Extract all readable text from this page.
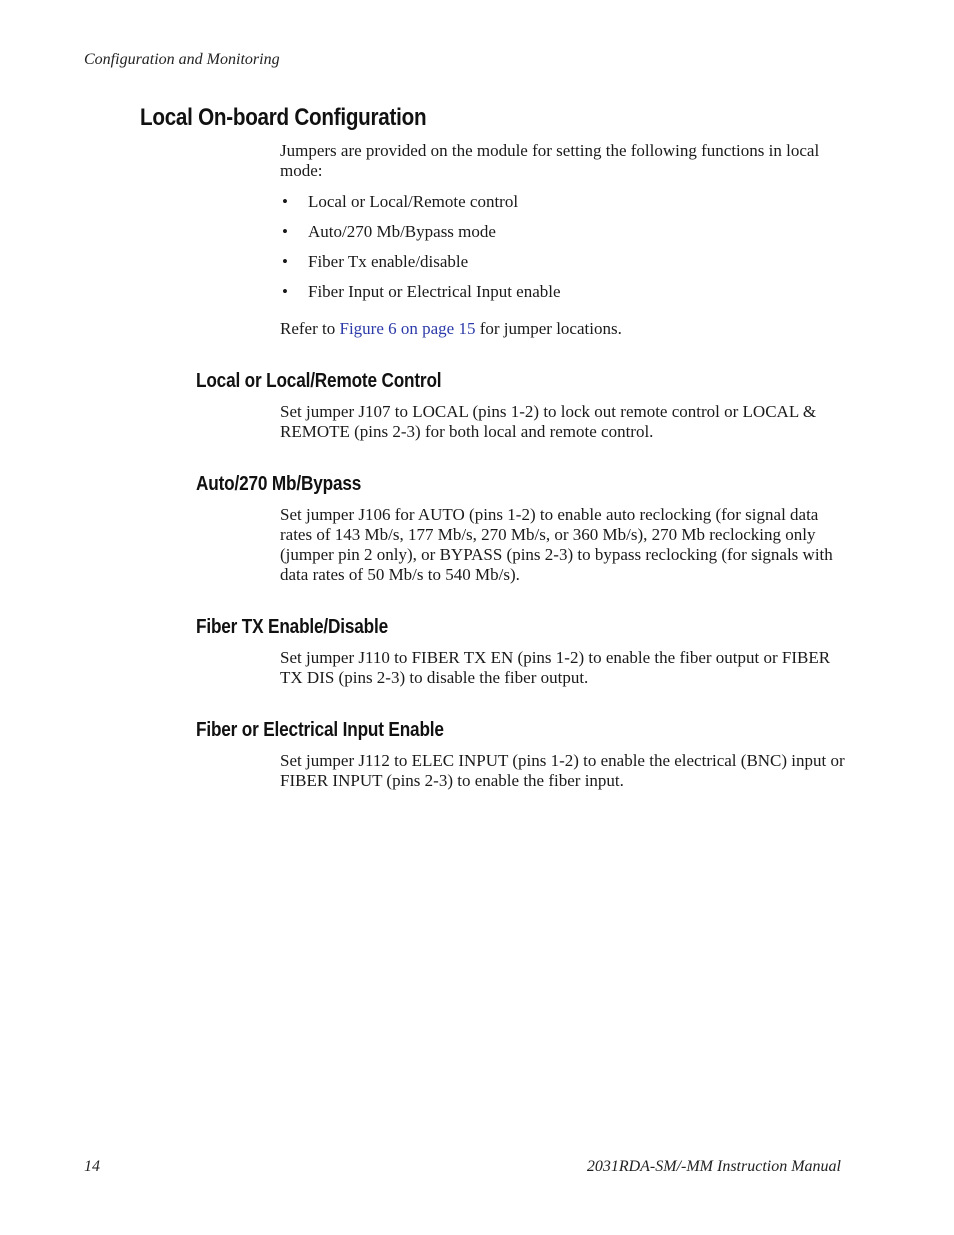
Configuration and Monitoring
Local On-board Configuration

Jumpers are provided on the module for setting the following functions in local mode:

• Local or Local/Remote control
• Auto/270 Mb/Bypass mode
• Fiber Tx enable/disable
• Fiber Input or Electrical Input enable

Refer to Figure 6 on page 15 for jumper locations.

Local or Local/Remote Control

Set jumper J107 to LOCAL (pins 1-2) to lock out remote control or LOCAL & REMOTE (pins 2-3) for both local and remote control.

Auto/270 Mb/Bypass

Set jumper J106 for AUTO (pins 1-2) to enable auto reclocking (for signal data rates of 143 Mb/s, 177 Mb/s, 270 Mb/s, or 360 Mb/s), 270 Mb reclocking only (jumper pin 2 only), or BYPASS (pins 2-3) to bypass reclocking (for signals with data rates of 50 Mb/s to 540 Mb/s).

Fiber TX Enable/Disable

Set jumper J110 to FIBER TX EN (pins 1-2) to enable the fiber output or FIBER TX DIS (pins 2-3) to disable the fiber output.

Fiber or Electrical Input Enable

Set jumper J112 to ELEC INPUT (pins 1-2) to enable the electrical (BNC) input or FIBER INPUT (pins 2-3) to enable the fiber input.

14	2031RDA-SM/-MM Instruction Manual
